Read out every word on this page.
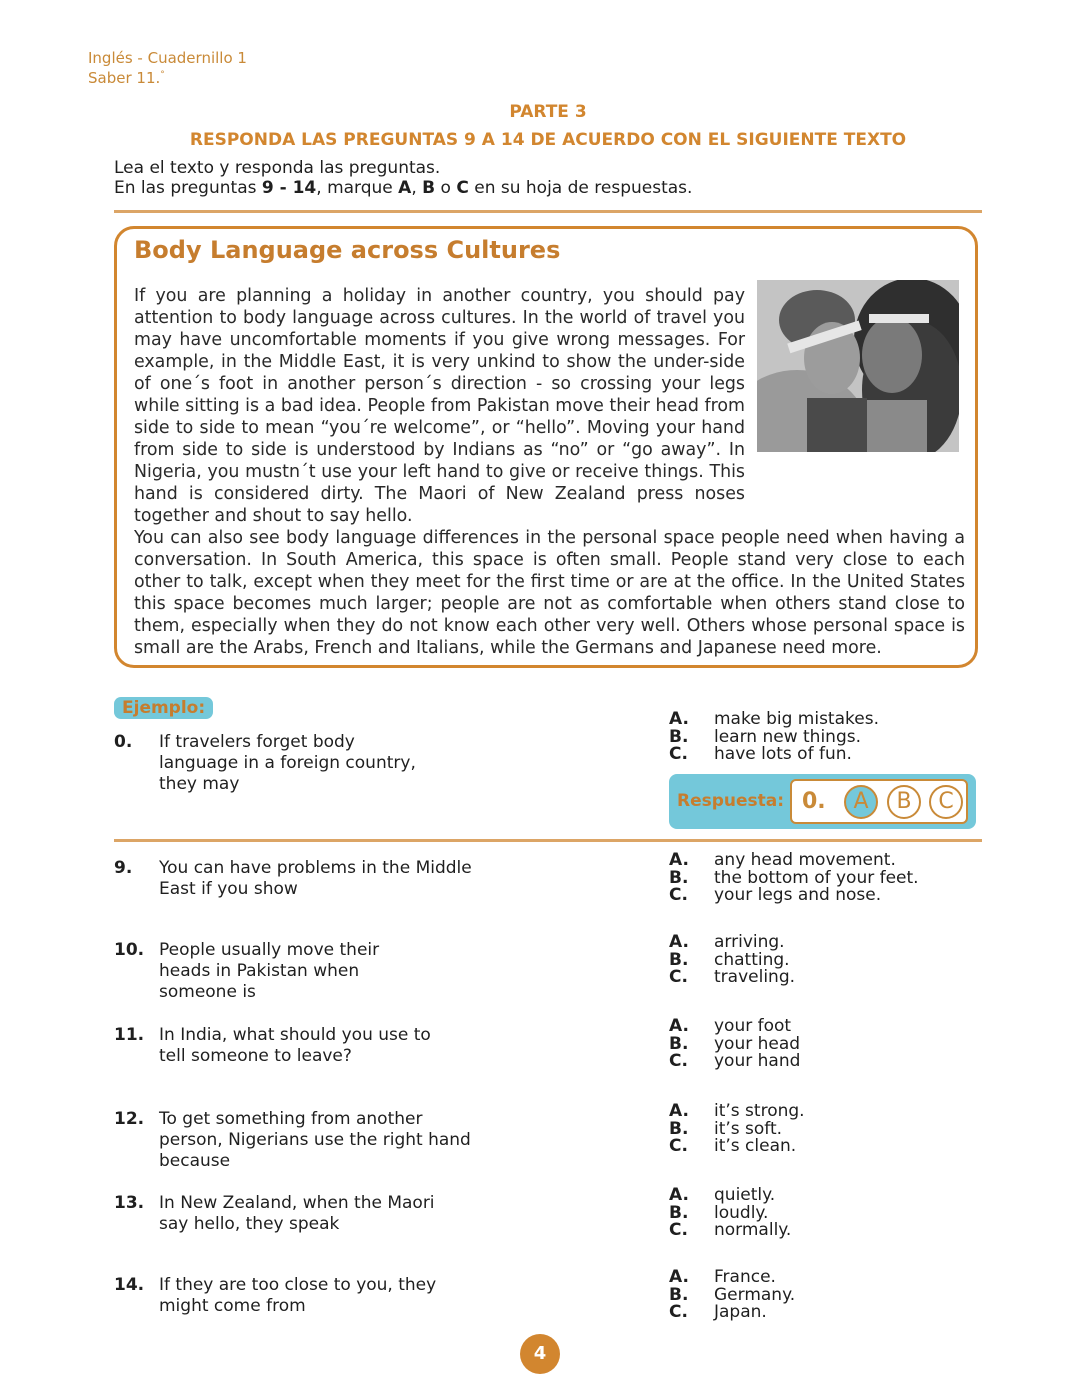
Inglés - Cuadernillo 1
Saber 11.°
PARTE 3
RESPONDA LAS PREGUNTAS 9 A 14 DE ACUERDO CON EL SIGUIENTE TEXTO
Lea el texto y responda las preguntas.
En las preguntas 9 - 14, marque A, B o C en su hoja de respuestas.
Body Language across Cultures

If you are planning a holiday in another country, you should pay attention to body language across cultures. In the world of travel you may have uncomfortable moments if you give wrong messages. For example, in the Middle East, it is very unkind to show the under-side of one´s foot in another person´s direction - so crossing your legs while sitting is a bad idea. People from Pakistan move their head from side to side to mean “you´re welcome”, or “hello”. Moving your hand from side to side is understood by Indians as “no” or “go away”. In Nigeria, you mustn´t use your left hand to give or receive things. This hand is considered dirty. The Maori of New Zealand press noses together and shout to say hello.

You can also see body language differences in the personal space people need when having a conversation. In South America, this space is often small. People stand very close to each other to talk, except when they meet for the first time or are at the office. In the United States this space becomes much larger; people are not as comfortable when others stand close to them, especially when they do not know each other very well. Others whose personal space is small are the Arabs, French and Italians, while the Germans and Japanese need more.

Ejemplo:
0. If travelers forget body language in a foreign country, they may
A. make big mistakes.
B. learn new things.
C. have lots of fun.
Respuesta: 0.	A	B	C
9. You can have problems in the Middle East if you show
A. any head movement.
B. the bottom of your feet.
C. your legs and nose.
10. People usually move their heads in Pakistan when someone is
A. arriving.
B. chatting.
C. traveling.
11. In India, what should you use to tell someone to leave?
A. your foot
B. your head
C. your hand
12. To get something from another person, Nigerians use the right hand because
A. it’s strong.
B. it’s soft.
C. it’s clean.
13. In New Zealand, when the Maori say hello, they speak
A. quietly.
B. loudly.
C. normally.
14. If they are too close to you, they might come from
A. France.
B. Germany.
C. Japan.
4
